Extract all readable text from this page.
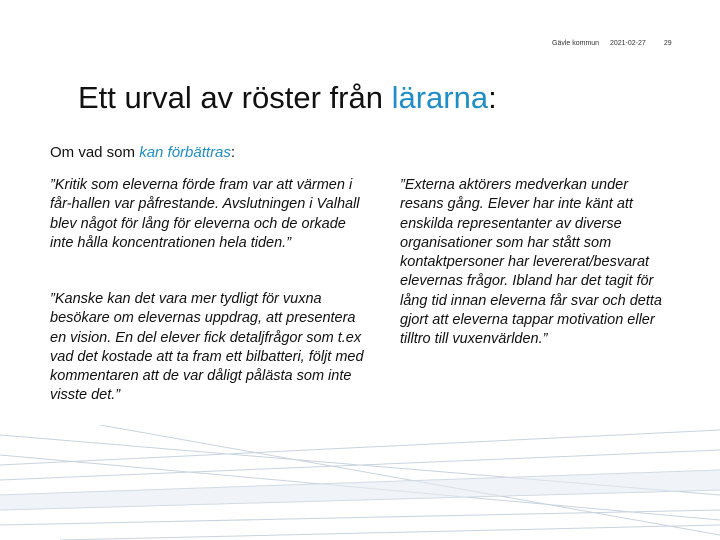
Gävle kommun 2021-02-27	29
Ett urval av röster från lärarna:

Om vad som kan förbättras:

”Kritik som eleverna förde fram var att värmen i får-hallen var påfrestande. Avslutningen i Valhall blev något för lång för eleverna och de orkade inte hålla koncentrationen hela tiden.”

”Kanske kan det vara mer tydligt för vuxna besökare om elevernas uppdrag, att presentera en vision. En del elever fick detaljfrågor som t.ex vad det kostade att ta fram ett bilbatteri, följt med kommentaren att de var dåligt pålästa som inte visste det.”

”Externa aktörers medverkan under resans gång. Elever har inte känt att enskilda representanter av diverse organisationer som har stått som kontaktpersoner har levererat/besvarat elevernas frågor. Ibland har det tagit för lång tid innan eleverna får svar och detta gjort att eleverna tappar motivation eller tilltro till vuxenvärlden.”
